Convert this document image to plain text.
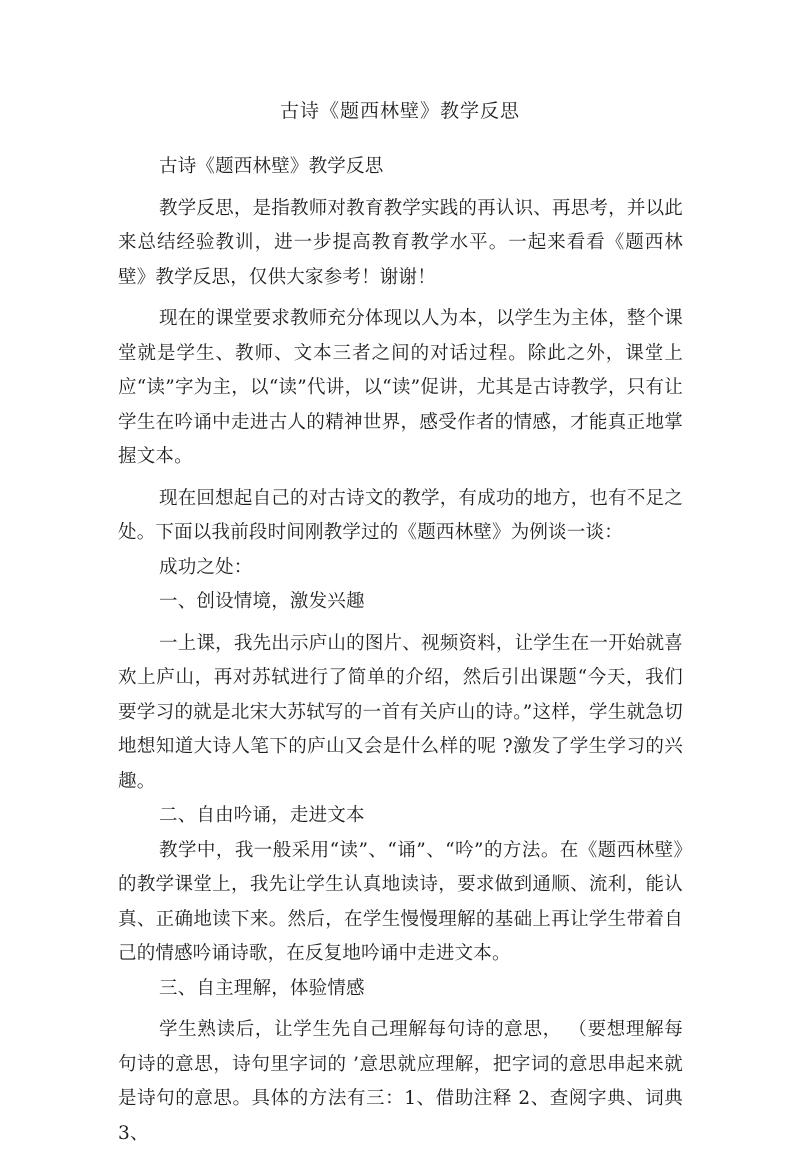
古诗《题西林壁》教学反思

古诗《题西林壁》教学反思

教学反思，是指教师对教育教学实践的再认识、再思考，并以此来总结经验教训，进一步提高教育教学水平。一起来看看《题西林壁》教学反思，仅供大家参考！谢谢！

现在的课堂要求教师充分体现以人为本，以学生为主体，整个课堂就是学生、教师、文本三者之间的对话过程。除此之外，课堂上应“读”字为主，以“读”代讲，以“读”促讲，尤其是古诗教学，只有让学生在吟诵中走进古人的精神世界，感受作者的情感，才能真正地掌握文本。

现在回想起自己的对古诗文的教学，有成功的地方，也有不足之处。下面以我前段时间刚教学过的《题西林壁》为例谈一谈：

成功之处：

一、创设情境，激发兴趣

一上课，我先出示庐山的图片、视频资料，让学生在一开始就喜欢上庐山，再对苏轼进行了简单的介绍，然后引出课题“今天，我们要学习的就是北宋大苏轼写的一首有关庐山的诗。”这样，学生就急切地想知道大诗人笔下的庐山又会是什么样的呢 ?激发了学生学习的兴趣。

二、自由吟诵，走进文本

教学中，我一般采用“读”、“诵”、“吟”的方法。在《题西林壁》的教学课堂上，我先让学生认真地读诗，要求做到通顺、流利，能认真、正确地读下来。然后，在学生慢慢理解的基础上再让学生带着自己的情感吟诵诗歌，在反复地吟诵中走进文本。

三、自主理解，体验情感

学生熟读后，让学生先自己理解每句诗的意思， （要想理解每句诗的意思，诗句里字词的 ’意思就应理解，把字词的意思串起来就是诗句的意思。具体的方法有三：1、借助注释 2、查阅字典、词典 3、
